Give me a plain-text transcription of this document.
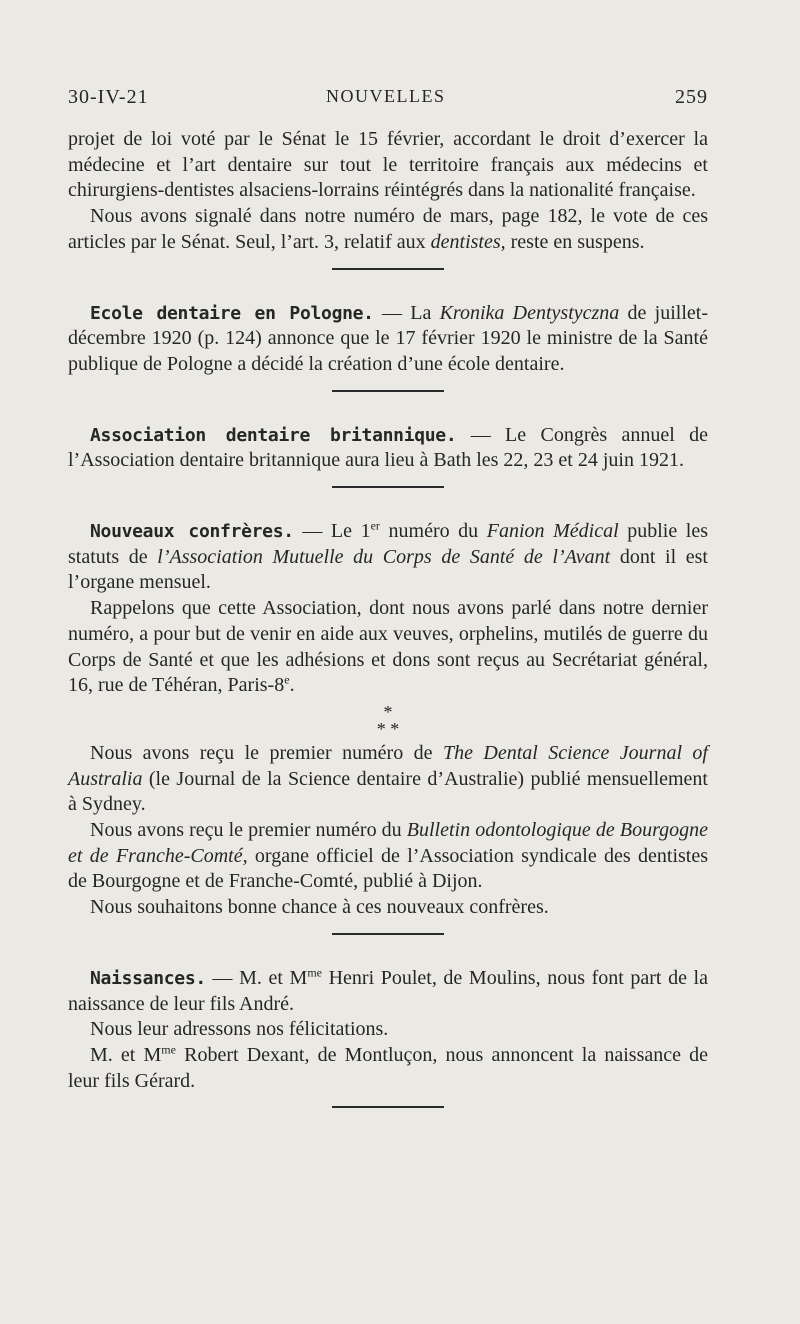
30-IV-21	NOUVELLES	259

projet de loi voté par le Sénat le 15 février, accordant le droit d’exercer la médecine et l’art dentaire sur tout le territoire français aux médecins et chirurgiens-dentistes alsaciens-lorrains réintégrés dans la nationalité française.

Nous avons signalé dans notre numéro de mars, page 182, le vote de ces articles par le Sénat. Seul, l’art. 3, relatif aux dentistes, reste en suspens.

Ecole dentaire en Pologne. — La Kronika Dentystyczna de juillet-décembre 1920 (p. 124) annonce que le 17 février 1920 le ministre de la Santé publique de Pologne a décidé la création d’une école dentaire.

Association dentaire britannique. — Le Congrès annuel de l’Association dentaire britannique aura lieu à Bath les 22, 23 et 24 juin 1921.

Nouveaux confrères. — Le 1er numéro du Fanion Médical publie les statuts de l’Association Mutuelle du Corps de Santé de l’Avant dont il est l’organe mensuel.

Rappelons que cette Association, dont nous avons parlé dans notre dernier numéro, a pour but de venir en aide aux veuves, orphelins, mutilés de guerre du Corps de Santé et que les adhésions et dons sont reçus au Secrétariat général, 16, rue de Téhéran, Paris-8e.

*
* *

Nous avons reçu le premier numéro de The Dental Science Journal of Australia (le Journal de la Science dentaire d’Australie) publié mensuellement à Sydney.

Nous avons reçu le premier numéro du Bulletin odontologique de Bourgogne et de Franche-Comté, organe officiel de l’Association syndicale des dentistes de Bourgogne et de Franche-Comté, publié à Dijon.

Nous souhaitons bonne chance à ces nouveaux confrères.

Naissances. — M. et $M^{me}$ Henri Poulet, de Moulins, nous font part de la naissance de leur fils André.

Nous leur adressons nos félicitations.

M. et $M^{me}$ Robert Dexant, de Montluçon, nous annoncent la naissance de leur fils Gérard.
